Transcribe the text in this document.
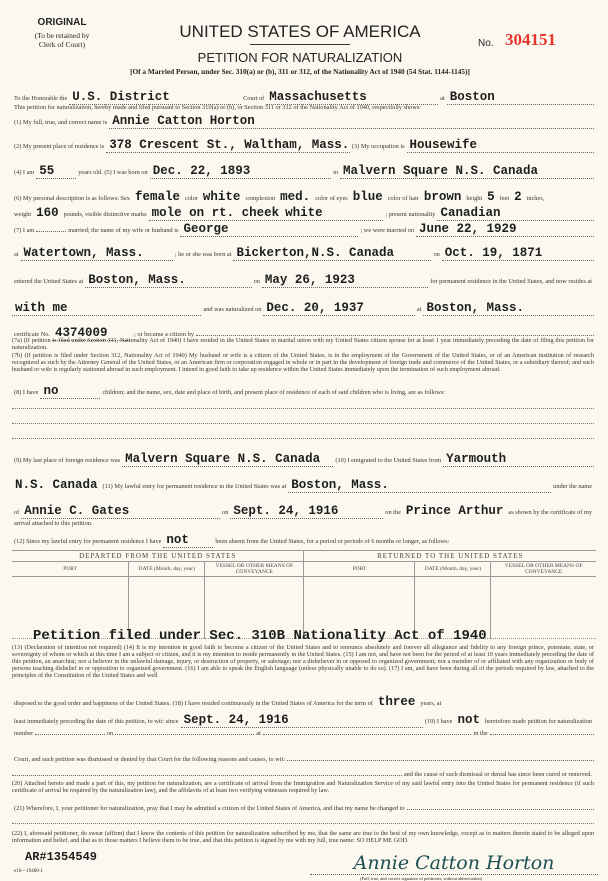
ORIGINAL
(To be retained by
Clerk of Court)
UNITED STATES OF AMERICA
PETITION FOR NATURALIZATION
[Of a Married Person, under Sec. 310(a) or (b), 311 or 312, of the Nationality Act of 1940 (54 Stat. 1144-1145)]
No. 304151
To the Honorable the U.S. District	Court of Massachusetts	at Boston
This petition for naturalization, hereby made and filed pursuant to Section 310(a) or (b), or Section 311 or 312 of the Nationality Act of 1940, respectfully shows:
(1) My full, true, and correct name is Annie Catton Horton
(2) My present place of residence is 378 Crescent St., Waltham, Mass. (3) My occupation is Housewife
(4) I am 55	years old. (5) I was born on Dec. 22, 1893	in Malvern Square N.S. Canada
(6) My personal description is as follows: Sex female color white complexion med. color of eyes blue color of hair brown height 5 feet 2 inches,
weight 160 pounds, visible distinctive marks mole on rt. cheek white	; present nationality Canadian
(7) I am	married; the name of my wife or husband is George	; we were married on June 22, 1929
at Watertown, Mass.	; he or she was born at Bickerton,N.S. Canada	on Oct. 19, 1871
entered the United States at Boston, Mass.	on May 26, 1923	for permanent residence in the United States, and now resides at
with me	and was naturalized on Dec. 20, 1937	at Boston, Mass.
certificate No. 4374009	; or became a citizen by
(7a) (If petition is filed under Section 311, Nationality Act of 1940) I have resided in the United States in marital union with my United States citizen spouse for at least 1 year immediately preceding the date of filing this petition for naturalization.
(7b) (If petition is filed under Section 312, Nationality Act of 1940) My husband or wife is a citizen of the United States, is in the employment of the Government of the United States, or of an American institution of research recognized as such by the Attorney General of the United States, or an American firm or corporation engaged in whole or in part in the development of foreign trade and commerce of the United States, or a subsidiary thereof; and such husband or wife is regularly stationed abroad in such employment. I intend in good faith to take up residence within the United States immediately upon the termination of such employment abroad.
(8) I have no	children; and the name, sex, date and place of birth, and present place of residence of each of said children who is living, are as follows:
(9) My last place of foreign residence was Malvern Square N.S. Canada	(10) I emigrated to the United States from Yarmouth
N.S. Canada (11) My lawful entry for permanent residence in the United States was at Boston, Mass.	under the name
of Annie C. Gates	on Sept. 24, 1916	on the Prince Arthur as shown by the certificate of my
arrival attached to this petition.
(12) Since my lawful entry for permanent residence I have not	been absent from the United States, for a period or periods of 6 months or longer, as follows:
DEPARTED FROM THE UNITED STATES			RETURNED TO THE UNITED STATES		
PORT	DATE (Month, day, year)	VESSEL OR OTHER MEANS OF CONVEYANCE	PORT	DATE (Month, day, year)	VESSEL OR OTHER MEANS OF CONVEYANCE

Petition filed under Sec. 310B Nationality Act of 1940
(13) (Declaration of intention not required) (14) It is my intention in good faith to become a citizen of the United States and to renounce absolutely and forever all allegiance and fidelity to any foreign prince, potentate, state, or sovereignty of whom or which at this time I am a subject or citizen, and it is my intention to reside permanently in the United States. (15) I am not, and have not been for the period of at least 10 years immediately preceding the date of this petition, an anarchist; nor a believer in the unlawful damage, injury, or destruction of property, or sabotage; nor a disbeliever in or opposed to organized government; nor a member of or affiliated with any organization or body of persons teaching disbelief in or opposition to organized government. (16) I am able to speak the English language (unless physically unable to do so). (17) I am, and have been during all of the periods required by law, attached to the principles of the Constitution of the United States and well
disposed to the good order and happiness of the United States. (18) I have resided continuously in the United States of America for the term of three years, at
least immediately preceding the date of this petition, to wit: since Sept. 24, 1916	(19) I have not heretofore made petition for naturalization
number	on	at	in the
Court, and such petition was dismissed or denied by that Court for the following reasons and causes, to wit:
and the cause of such dismissal or denial has since been cured or removed.
(20) Attached hereto and made a part of this, my petition for naturalization, are a certificate of arrival from the Immigration and Naturalization Service of my said lawful entry into the United States for permanent residence (if such certificate of arrival be required by the naturalization law), and the affidavits of at least two verifying witnesses required by law.
(21) Wherefore, I, your petitioner for naturalization, pray that I may be admitted a citizen of the United States of America, and that my name be changed to
(22) I, aforesaid petitioner, do swear (affirm) that I know the contents of this petition for naturalization subscribed by me, that the same are true to the best of my own knowledge, except as to matters therein stated to be alleged upon information and belief, and that as to those matters I believe them to be true, and that this petition is signed by me with my full, true name: SO HELP ME GOD.
AR#1354549
e16—19460-1	Annie Catton Horton
(Full, true, and correct signature of petitioner, without abbreviation)
